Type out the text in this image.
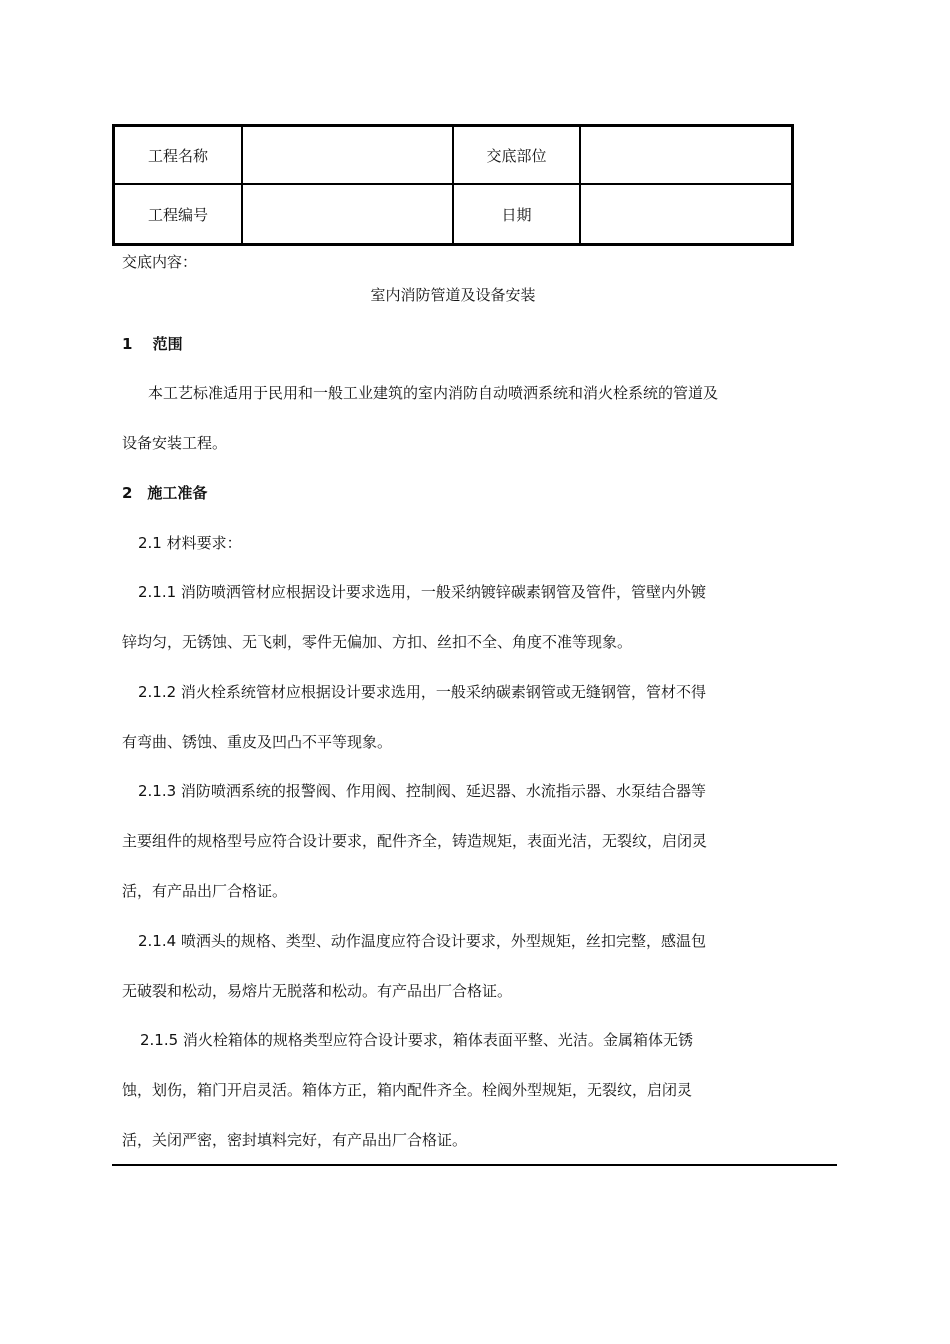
工程名称	交底部位
工程编号	日期
交底内容：
室内消防管道及设备安装
1　 范围
本工艺标准适用于民用和一般工业建筑的室内消防自动喷洒系统和消火栓系统的管道及
设备安装工程。
2　施工准备
2.1 材料要求：
2.1.1 消防喷洒管材应根据设计要求选用，一般采纳镀锌碳素钢管及管件，管壁内外镀
锌均匀，无锈蚀、无飞刺，零件无偏加、方扣、丝扣不全、角度不准等现象。
2.1.2 消火栓系统管材应根据设计要求选用，一般采纳碳素钢管或无缝钢管，管材不得
有弯曲、锈蚀、重皮及凹凸不平等现象。
2.1.3 消防喷洒系统的报警阀、作用阀、控制阀、延迟器、水流指示器、水泵结合器等
主要组件的规格型号应符合设计要求，配件齐全，铸造规矩，表面光洁，无裂纹，启闭灵
活，有产品出厂合格证。
2.1.4 喷洒头的规格、类型、动作温度应符合设计要求，外型规矩，丝扣完整，感温包
无破裂和松动，易熔片无脱落和松动。有产品出厂合格证。
2.1.5 消火栓箱体的规格类型应符合设计要求，箱体表面平整、光洁。金属箱体无锈
蚀，划伤，箱门开启灵活。箱体方正，箱内配件齐全。栓阀外型规矩，无裂纹，启闭灵
活，关闭严密，密封填料完好，有产品出厂合格证。
